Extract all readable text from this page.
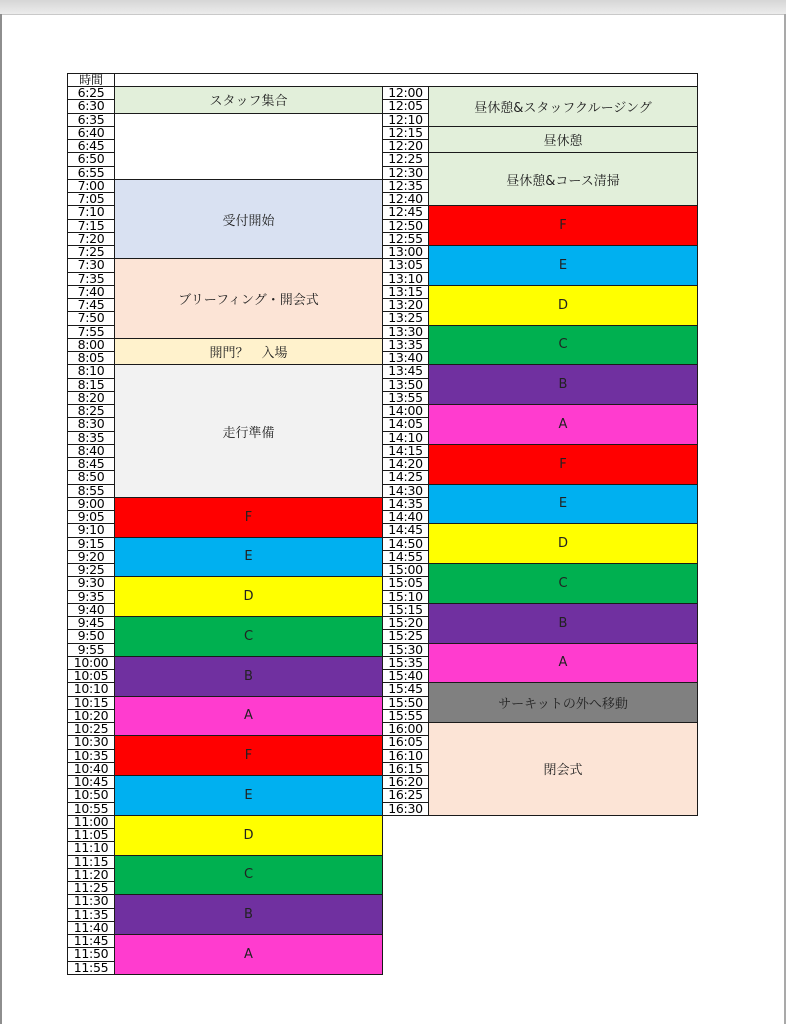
時間
6:25
6:30
6:35
6:40
6:45
6:50
6:55
7:00
7:05
7:10
7:15
7:20
7:25
7:30
7:35
7:40
7:45
7:50
7:55
8:00
8:05
8:10
8:15
8:20
8:25
8:30
8:35
8:40
8:45
8:50
8:55
9:00
9:05
9:10
9:15
9:20
9:25
9:30
9:35
9:40
9:45
9:50
9:55
10:00
10:05
10:10
10:15
10:20
10:25
10:30
10:35
10:40
10:45
10:50
10:55
11:00
11:05
11:10
11:15
11:20
11:25
11:30
11:35
11:40
11:45
11:50
11:55
12:00
12:05
12:10
12:15
12:20
12:25
12:30
12:35
12:40
12:45
12:50
12:55
13:00
13:05
13:10
13:15
13:20
13:25
13:30
13:35
13:40
13:45
13:50
13:55
14:00
14:05
14:10
14:15
14:20
14:25
14:30
14:35
14:40
14:45
14:50
14:55
15:00
15:05
15:10
15:15
15:20
15:25
15:30
15:35
15:40
15:45
15:50
15:55
16:00
16:05
16:10
16:15
16:20
16:25
16:30
スタッフ集合
受付開始
ブリーフィング・開会式
開門？　入場
走行準備
F
E
D
C
B
A
F
E
D
C
B
A
昼休憩&スタッフクルージング
昼休憩
昼休憩&コース清掃
F
E
D
C
B
A
F
E
D
C
B
A
サーキットの外へ移動
閉会式
